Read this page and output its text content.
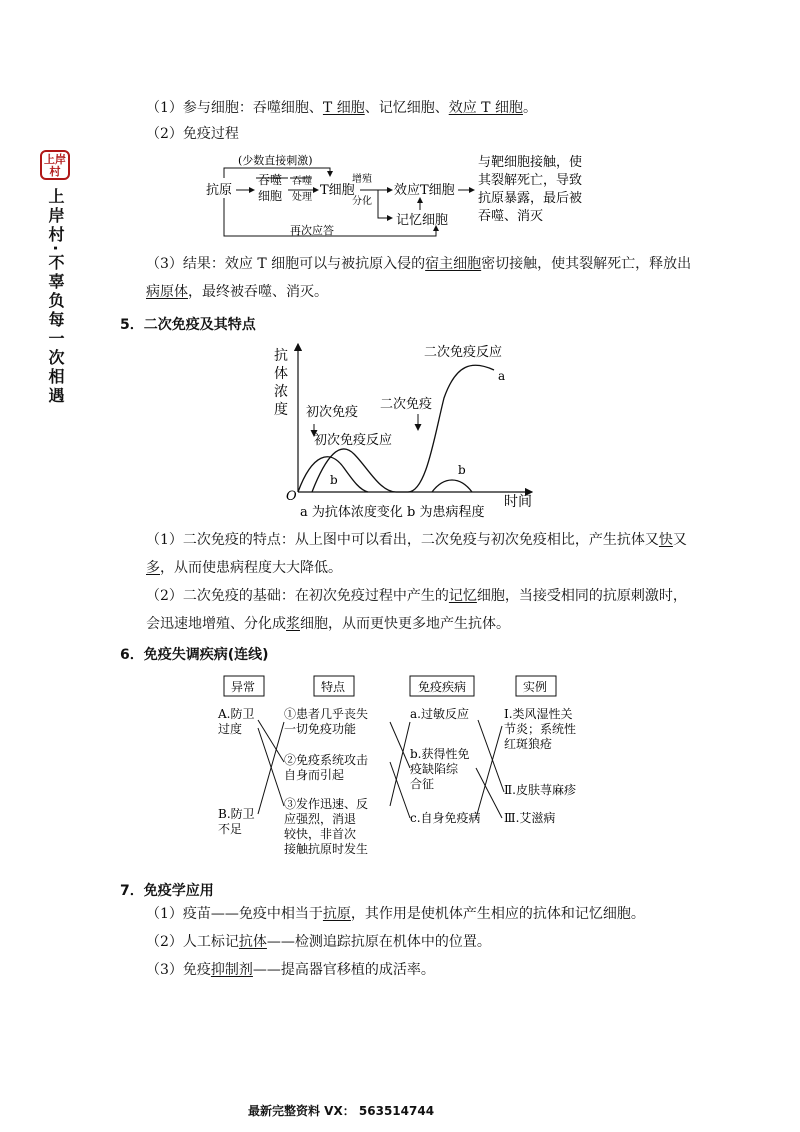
上岸村
上岸村·不辜负每一次相遇
（1）参与细胞：吞噬细胞、T 细胞、记忆细胞、效应 T 细胞。
（2）免疫过程
(少数直接刺激)
抗原
吞噬
细胞
吞噬
处理 T细胞
增殖
分化
效应T细胞
记忆细胞
再次应答
与靶细胞接触，使
其裂解死亡，导致
抗原暴露，最后被
吞噬、消灭
（3）结果：效应 T 细胞可以与被抗原入侵的宿主细胞密切接触，使其裂解死亡，释放出
病原体，最终被吞噬、消灭。
5．二次免疫及其特点
抗
体
浓
度
O	时间
初次免疫
初次免疫反应
二次免疫
二次免疫反应
a
b
b
a 为抗体浓度变化 b 为患病程度
（1）二次免疫的特点：从上图中可以看出，二次免疫与初次免疫相比，产生抗体又快又
多，从而使患病程度大大降低。
（2）二次免疫的基础：在初次免疫过程中产生的记忆细胞，当接受相同的抗原刺激时，
会迅速地增殖、分化成浆细胞，从而更快更多地产生抗体。
6．免疫失调疾病(连线)
异常	特点	免疫疾病	实例
A.防卫过度
B.防卫不足
①患者几乎丧失一切免疫功能
②免疫系统攻击自身而引起
③发作迅速、反应强烈，消退较快，非首次接触抗原时发生
a.过敏反应
b.获得性免疫缺陷综合征
c.自身免疫病
Ⅰ.类风湿性关节炎；系统性红斑狼疮
Ⅱ.皮肤荨麻疹
Ⅲ.艾滋病
7．免疫学应用
（1）疫苗——免疫中相当于抗原，其作用是使机体产生相应的抗体和记忆细胞。
（2）人工标记抗体——检测追踪抗原在机体中的位置。
（3）免疫抑制剂——提高器官移植的成活率。
最新完整资料 VX： 563514744
